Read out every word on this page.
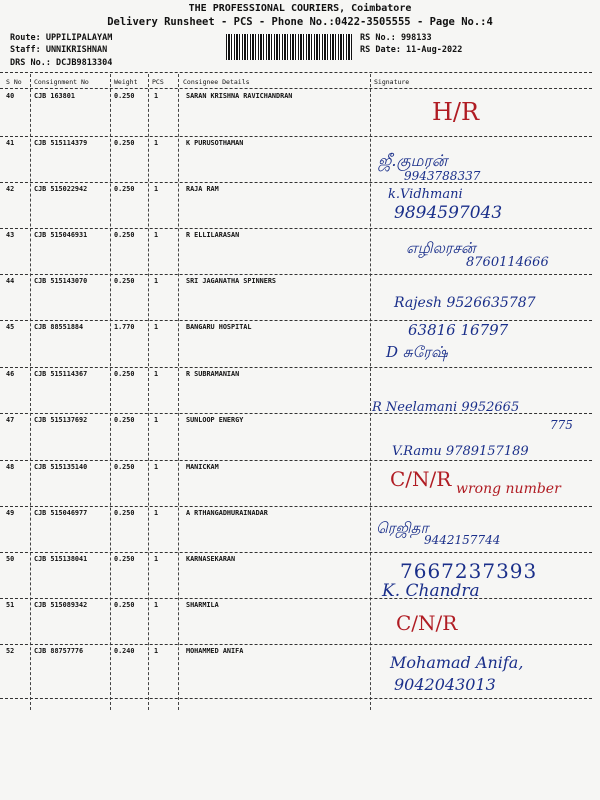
THE PROFESSIONAL COURIERS, Coimbatore
Delivery Runsheet - PCS - Phone No.:0422-3505555 - Page No.:4
Route: UPPILIPALAYAM
Staff: UNNIKRISHNAN
DRS No.: DCJB9813304
RS No.: 998133
RS Date: 11-Aug-2022
S No Consignment No	Weight PCS	Consignee Details	Signature
40	CJB 163801	0.250	1	SARAN KRISHNA RAVICHANDRAN
H/R
41	CJB 515114379	0.250	1	K PURUSOTHAMAN
ஜீ.குமரன்
9943788337
42	CJB 515022942	0.250	1	RAJA RAM	k.Vidhmani
9894597043
43	CJB 515046931	0.250	1	R ELLILARASAN
எழிலரசன்
8760114666
44	CJB 515143070	0.250	1	SRI JAGANATHA SPINNERS
Rajesh 9526635787
45	CJB 88551884	1.770	1	BANGARU HOSPITAL	63816 16797
D சுரேஷ்
46	CJB 515114367	0.250	1	R SUBRAMANIAN
R Neelamani 9952665
47	CJB 515137692	0.250	1	SUNLOOP ENERGY	775
V.Ramu 9789157189
48	CJB 515135140	0.250	1	MANICKAM	C/N/R wrong number
49	CJB 515046977	0.250	1	A RTHANGADHURAINADAR
ரெஜிதா
9442157744
50	CJB 515138041	0.250	1	KARNASEKARAN	7667237393
K. Chandra
51	CJB 515089342	0.250	1	SHARMILA
C/N/R
52	CJB 88757776	0.240	1	MOHAMMED ANIFA
Mohamad Anifa,
9042043013
